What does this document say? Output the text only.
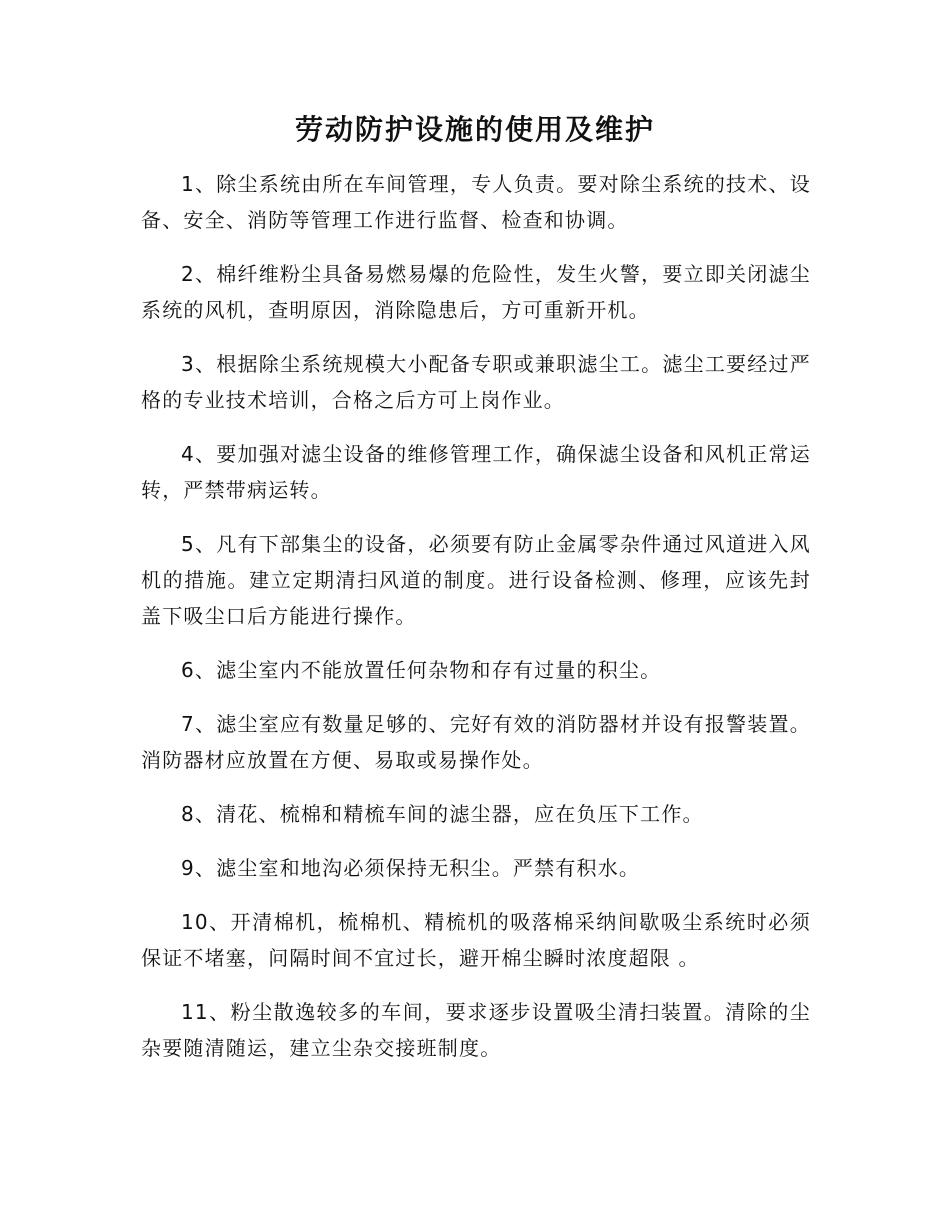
劳动防护设施的使用及维护

1、除尘系统由所在车间管理，专人负责。要对除尘系统的技术、设备、安全、消防等管理工作进行监督、检查和协调。

2、棉纤维粉尘具备易燃易爆的危险性，发生火警，要立即关闭滤尘系统的风机，查明原因，消除隐患后，方可重新开机。

3、根据除尘系统规模大小配备专职或兼职滤尘工。滤尘工要经过严格的专业技术培训，合格之后方可上岗作业。

4、要加强对滤尘设备的维修管理工作，确保滤尘设备和风机正常运转，严禁带病运转。

5、凡有下部集尘的设备，必须要有防止金属零杂件通过风道进入风机的措施。建立定期清扫风道的制度。进行设备检测、修理，应该先封盖下吸尘口后方能进行操作。

6、滤尘室内不能放置任何杂物和存有过量的积尘。

7、滤尘室应有数量足够的、完好有效的消防器材并设有报警装置。消防器材应放置在方便、易取或易操作处。

8、清花、梳棉和精梳车间的滤尘器，应在负压下工作。

9、滤尘室和地沟必须保持无积尘。严禁有积水。

10、开清棉机，梳棉机、精梳机的吸落棉采纳间歇吸尘系统时必须保证不堵塞，问隔时间不宜过长，避开棉尘瞬时浓度超限 。

11、粉尘散逸较多的车间，要求逐步设置吸尘清扫装置。清除的尘杂要随清随运，建立尘杂交接班制度。
